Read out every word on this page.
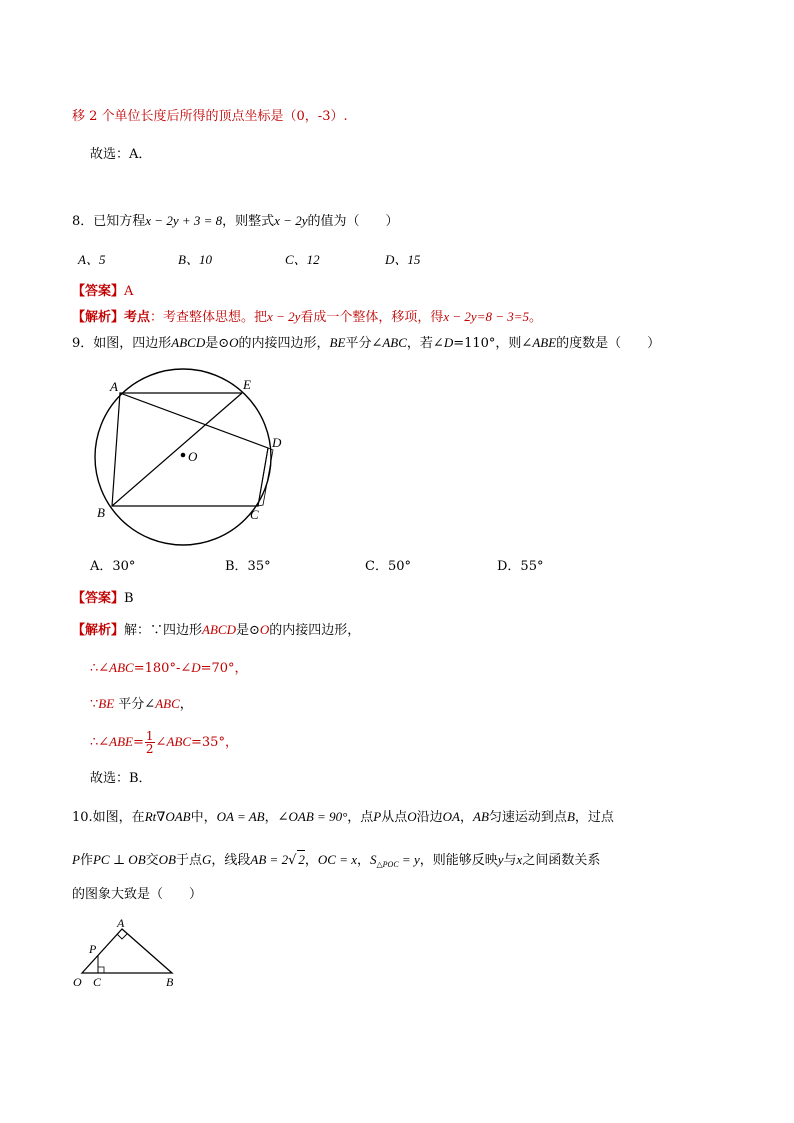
移 2 个单位长度后所得的顶点坐标是（0，-3）.
故选：A．
8．已知方程x − 2y + 3 = 8，则整式x − 2y的值为（　　）
A、5	B、10	C、12	D、15
【答案】A
【解析】考点：考查整体思想。把x − 2y看成一个整体，移项，得x − 2y=8 − 3=5。
9．如图，四边形ABCD是⊙O的内接四边形，BE平分∠ABC，若∠D=110°，则∠ABE的度数是（　　）
A	E
D
O
B	C
A．30°	B．35°	C．50°	D．55°
【答案】B
【解析】解：∵四边形ABCD是⊙O的内接四边形，
∴∠ABC=180°-∠D=70°，
∵BE 平分∠ABC，
∴∠ABE= $\frac{1}{2}$ ∠ABC=35°，
故选：B．
10.如图，在Rt∇OAB中，OA = AB，∠OAB = 90°，点P从点O沿边OA，AB匀速运动到点B，过点
P作PC ⊥ OB交OB于点G，线段AB = 2√ 2，OC = x，$S_{\triangle POC} = y$，则能够反映y与x之间函数关系
的图象大致是（　　）
A
P
O C	B
